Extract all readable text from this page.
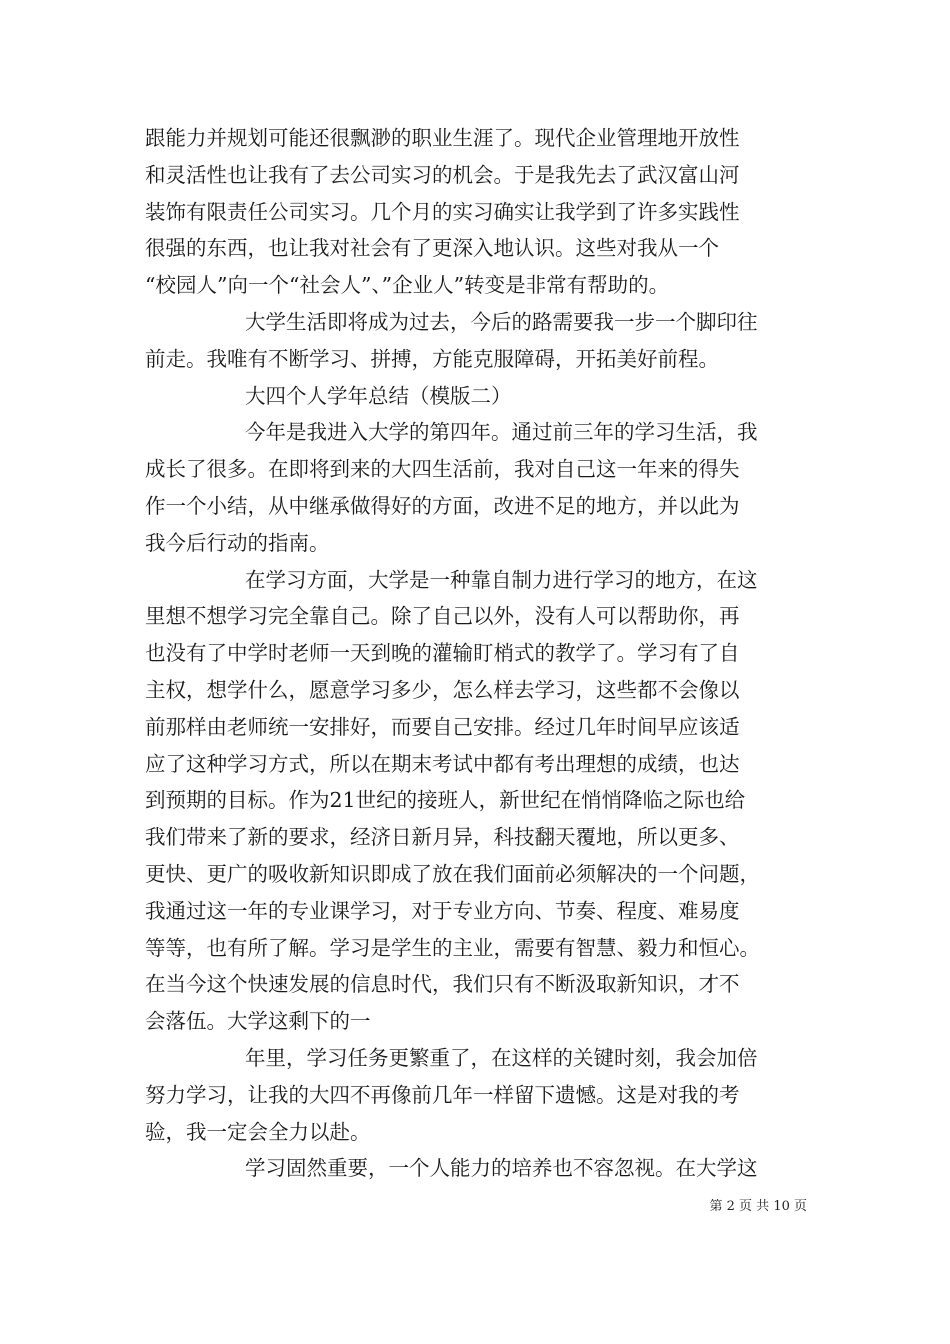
跟能力并规划可能还很飘渺的职业生涯了。现代企业管理地开放性
和灵活性也让我有了去公司实习的机会。于是我先去了武汉富山河
装饰有限责任公司实习。几个月的实习确实让我学到了许多实践性
很强的东西，也让我对社会有了更深入地认识。这些对我从一个
“校园人”向一个“社会人”、”企业人”转变是非常有帮助的。
大学生活即将成为过去，今后的路需要我一步一个脚印往
前走。我唯有不断学习、拼搏，方能克服障碍，开拓美好前程。
大四个人学年总结（模版二）
今年是我进入大学的第四年。通过前三年的学习生活，我
成长了很多。在即将到来的大四生活前，我对自己这一年来的得失
作一个小结，从中继承做得好的方面，改进不足的地方，并以此为
我今后行动的指南。
在学习方面，大学是一种靠自制力进行学习的地方，在这
里想不想学习完全靠自己。除了自己以外，没有人可以帮助你，再
也没有了中学时老师一天到晚的灌输盯梢式的教学了。学习有了自
主权，想学什么，愿意学习多少，怎么样去学习，这些都不会像以
前那样由老师统一安排好，而要自己安排。经过几年时间早应该适
应了这种学习方式，所以在期末考试中都有考出理想的成绩，也达
到预期的目标。作为21世纪的接班人，新世纪在悄悄降临之际也给
我们带来了新的要求，经济日新月异，科技翻天覆地，所以更多、
更快、更广的吸收新知识即成了放在我们面前必须解决的一个问题，
我通过这一年的专业课学习，对于专业方向、节奏、程度、难易度
等等，也有所了解。学习是学生的主业，需要有智慧、毅力和恒心。
在当今这个快速发展的信息时代，我们只有不断汲取新知识，才不
会落伍。大学这剩下的一
年里，学习任务更繁重了，在这样的关键时刻，我会加倍
努力学习，让我的大四不再像前几年一样留下遗憾。这是对我的考
验，我一定会全力以赴。
学习固然重要，一个人能力的培养也不容忽视。在大学这
第 2 页 共 10 页
